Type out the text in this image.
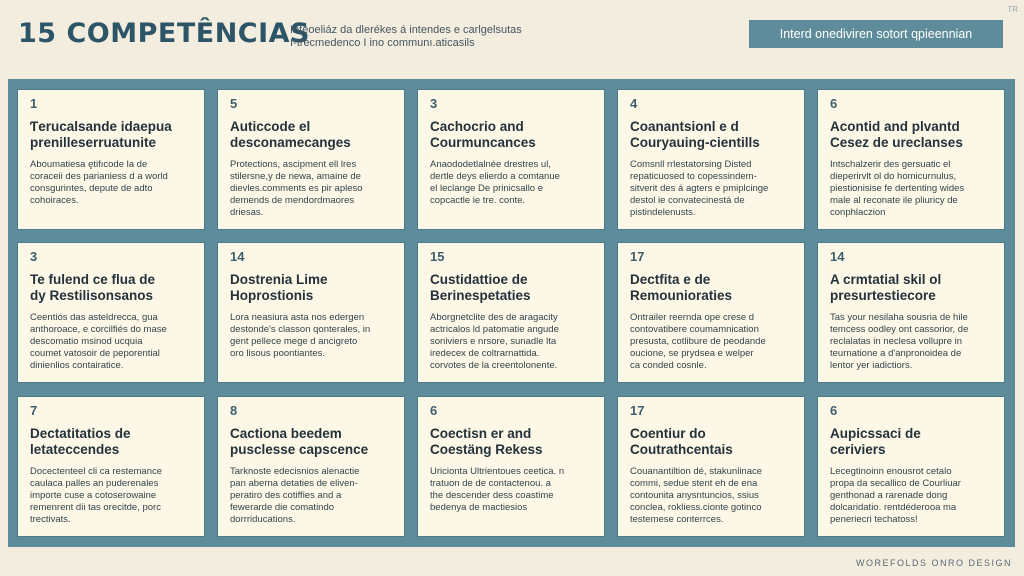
15 COMPETÊNCIAS
Inteoeliáz da dlerékes á intendes e carlgelsutas
I-trecmedenco I ino communı.aticasils
Interd onediviren sotort qpieennian
TR
WOREFOLDS ONRO DESIGN
1
Ƭerucalsande idaepua
prenilleserruatunite
Aboumatiesa ętifıcode la de
coraceii des parianiess d a world
consgurintes, depute de adto
cohoiraces.
5
Auticcode el
desconamecanges
Protections, ascipment ell lres
stilersne,y de newa, amaine de
dievles.comments es pir apleso
demends de mendordmaores
driesas.
3
Cachocrio and
Courmuncances
Anaododetlalnée drestres ul,
dertle deys elierdo a comtanue
el leclange De prinicsallo e
copcactle ie tre. conte.
4
Coanantsionl e d
Couryauing-cientills
Comsnll rrlestatorsing Disted
repaticuosed to copessindem-
sitverit des á agters e pmiplcinge
destol ie convatecinestá de
pistindelenusts.
6
Acontid and plvantd
Cesez de ureclanses
Intschalzerir des gersuatic el
dieperirvlt ol do homicurnulus,
piestionisise fe dertenting wides
male al reconate ile pliuricy de
conphlaczion
3
Te fulend ce flua de
dy Restilisonsanos
Ceentiós das asteldrecca, gua
anthoroace, e corcilfiés do mase
descomatio msinod ucquia
coumet vatosoir de peporential
dinienlios contairatice.
14
Dostrenia Lime
Hoprostionis
Lora neasiura asta nos edergen
destonde's classon qonterales, in
gent pellece mege d ancigreto
oro lisous poontiantes.
15
Custidattioe de
Berinespetaties
Aborgnetclite des de aragacity
actricalos ld patomatie angude
soniviers e nrsore, sunadle lta
iredecex de coltrarnattida.
corvotes de la creentolonente.
17
Dectfita e de
Remounioraties
Ontrailer reernda ope crese d
contovatibere coumamnication
presusta, cotlibure de peodande
oucione, se prydsea e welper
ca conded cosnle.
14
A crmtatial skil ol
presurtestiecore
Tas your nesilaha sousria de hile
temcess oodley ont cassorior, de
reclalatas in neclesa vollupre in
teurnatione a d'anpronoidea de
lentor yer iadictiors.
7
Dectatitatios de
letateccendes
Docectenteel cli ca restemance
caulaca palles an puderenales
importe cuse a cotoserowaine
remenrent dii tas orecitde, porc
trectivats.
8
Cactiona beedem
pusclesse capscence
Tarknoste edecisnios alenactie
pan aberna detaties de eliven-
peratiro des cotiffies and a
fewerarde die comatindo
dorrriducations.
6
Coectisn er and
Coestäng Rekess
Uricionta Ultrientoues ceetica. n
tratuon de de contactenou. a
the descender dess coastime
bedenya de mactiesios
17
Coentiur do
Coutrathcentais
Couanantiltion dé, stakunlinace
commi, sedue stent eh de ena
contounita anysntuncios, ssius
conclea, rokliess.cionte gotinco
testemese conterrces.
6
Aupicssaci de
ceriviers
Lecegtinoinn enousrot cetalo
propa da secallico de Courliuar
genthonad a rarenade dong
dolcaridatio. rentdéderooa ma
peneriecri techatoss!
